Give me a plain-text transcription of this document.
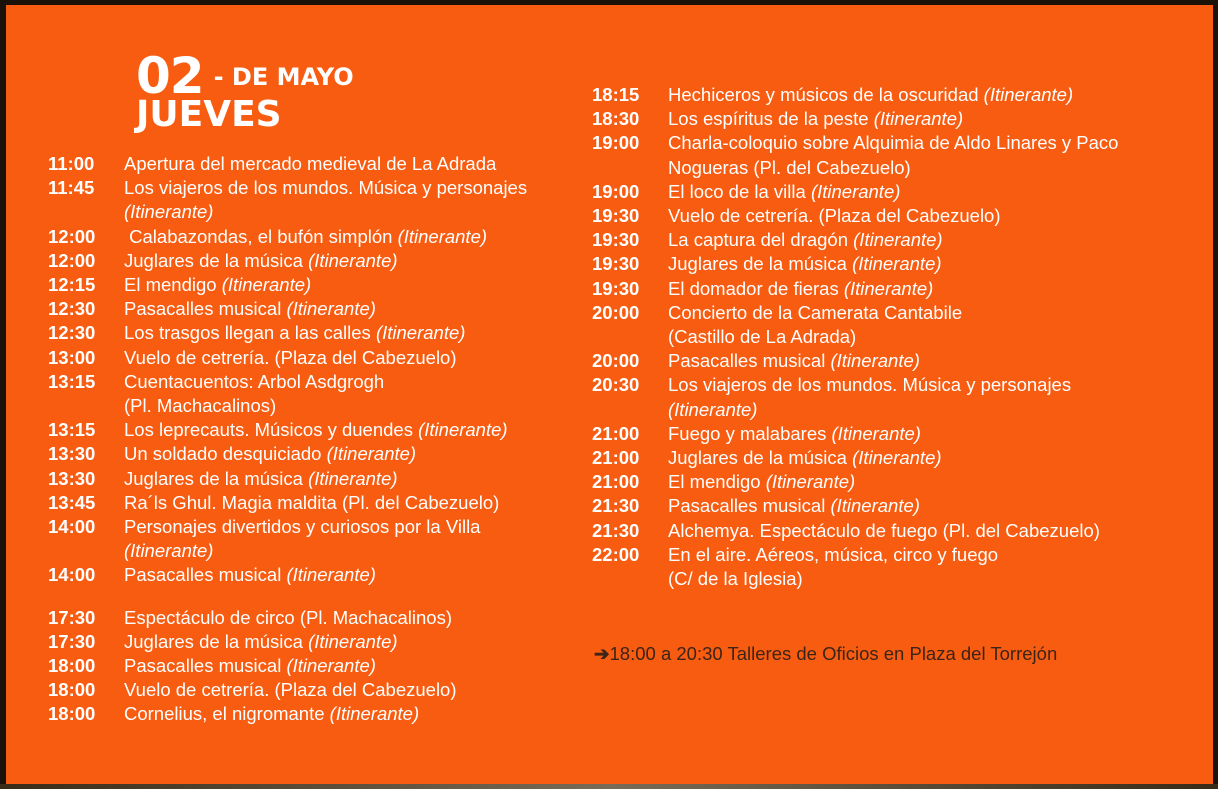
02 - DE MAYO
JUEVES
11:00	Apertura del mercado medieval de La Adrada
11:45	Los viajeros de los mundos. Música y personajes
(Itinerante)
12:00	Calabazondas, el bufón simplón (Itinerante)
12:00	Juglares de la música (Itinerante)
12:15	El mendigo (Itinerante)
12:30	Pasacalles musical (Itinerante)
12:30	Los trasgos llegan a las calles (Itinerante)
13:00	Vuelo de cetrería. (Plaza del Cabezuelo)
13:15	Cuentacuentos: Arbol Asdgrogh
(Pl. Machacalinos)
13:15	Los leprecauts. Músicos y duendes (Itinerante)
13:30	Un soldado desquiciado (Itinerante)
13:30	Juglares de la música (Itinerante)
13:45	Ra´ls Ghul. Magia maldita (Pl. del Cabezuelo)
14:00	Personajes divertidos y curiosos por la Villa
(Itinerante)
14:00	Pasacalles musical (Itinerante)
17:30	Espectáculo de circo (Pl. Machacalinos)
17:30	Juglares de la música (Itinerante)
18:00	Pasacalles musical (Itinerante)
18:00	Vuelo de cetrería. (Plaza del Cabezuelo)
18:00	Cornelius, el nigromante (Itinerante)
18:15	Hechiceros y músicos de la oscuridad (Itinerante)
18:30	Los espíritus de la peste (Itinerante)
19:00	Charla-coloquio sobre Alquimia de Aldo Linares y Paco
Nogueras (Pl. del Cabezuelo)
19:00	El loco de la villa (Itinerante)
19:30	Vuelo de cetrería. (Plaza del Cabezuelo)
19:30	La captura del dragón (Itinerante)
19:30	Juglares de la música (Itinerante)
19:30	El domador de fieras (Itinerante)
20:00	Concierto de la Camerata Cantabile
(Castillo de La Adrada)
20:00	Pasacalles musical (Itinerante)
20:30	Los viajeros de los mundos. Música y personajes
(Itinerante)
21:00	Fuego y malabares (Itinerante)
21:00	Juglares de la música (Itinerante)
21:00	El mendigo (Itinerante)
21:30	Pasacalles musical (Itinerante)
21:30	Alchemya. Espectáculo de fuego (Pl. del Cabezuelo)
22:00	En el aire. Aéreos, música, circo y fuego
(C/ de la Iglesia)
➔18:00 a 20:30 Talleres de Oficios en Plaza del Torrejón
